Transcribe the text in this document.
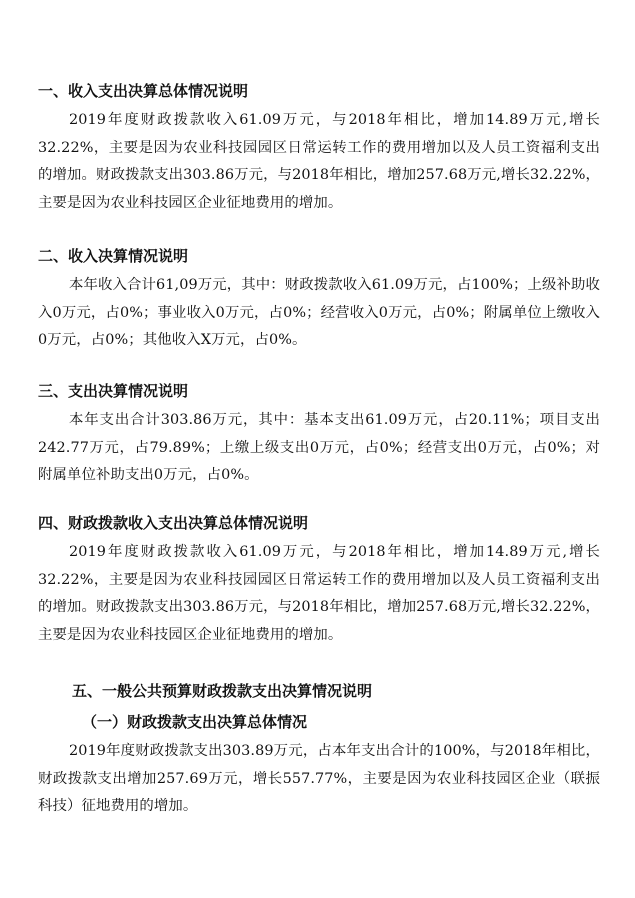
一、收入支出决算总体情况说明
2019年度财政拨款收入61.09万元，与2018年相比，增加14.89万元,增长32.22%，主要是因为农业科技园园区日常运转工作的费用增加以及人员工资福利支出的增加。财政拨款支出303.86万元，与2018年相比，增加257.68万元,增长32.22%，主要是因为农业科技园区企业征地费用的增加。
二、收入决算情况说明
本年收入合计61,09万元，其中：财政拨款收入61.09万元，占100%；上级补助收入0万元，占0%；事业收入0万元，占0%；经营收入0万元，占0%；附属单位上缴收入0万元，占0%；其他收入X万元，占0%。
三、支出决算情况说明
本年支出合计303.86万元，其中：基本支出61.09万元，占20.11%；项目支出242.77万元，占79.89%；上缴上级支出0万元，占0%；经营支出0万元，占0%；对附属单位补助支出0万元，占0%。
四、财政拨款收入支出决算总体情况说明
2019年度财政拨款收入61.09万元，与2018年相比，增加14.89万元,增长32.22%，主要是因为农业科技园园区日常运转工作的费用增加以及人员工资福利支出的增加。财政拨款支出303.86万元，与2018年相比，增加257.68万元,增长32.22%，主要是因为农业科技园区企业征地费用的增加。
五、一般公共预算财政拨款支出决算情况说明
（一）财政拨款支出决算总体情况
2019年度财政拨款支出303.89万元，占本年支出合计的100%，与2018年相比，财政拨款支出增加257.69万元，增长557.77%，主要是因为农业科技园区企业（联振科技）征地费用的增加。
